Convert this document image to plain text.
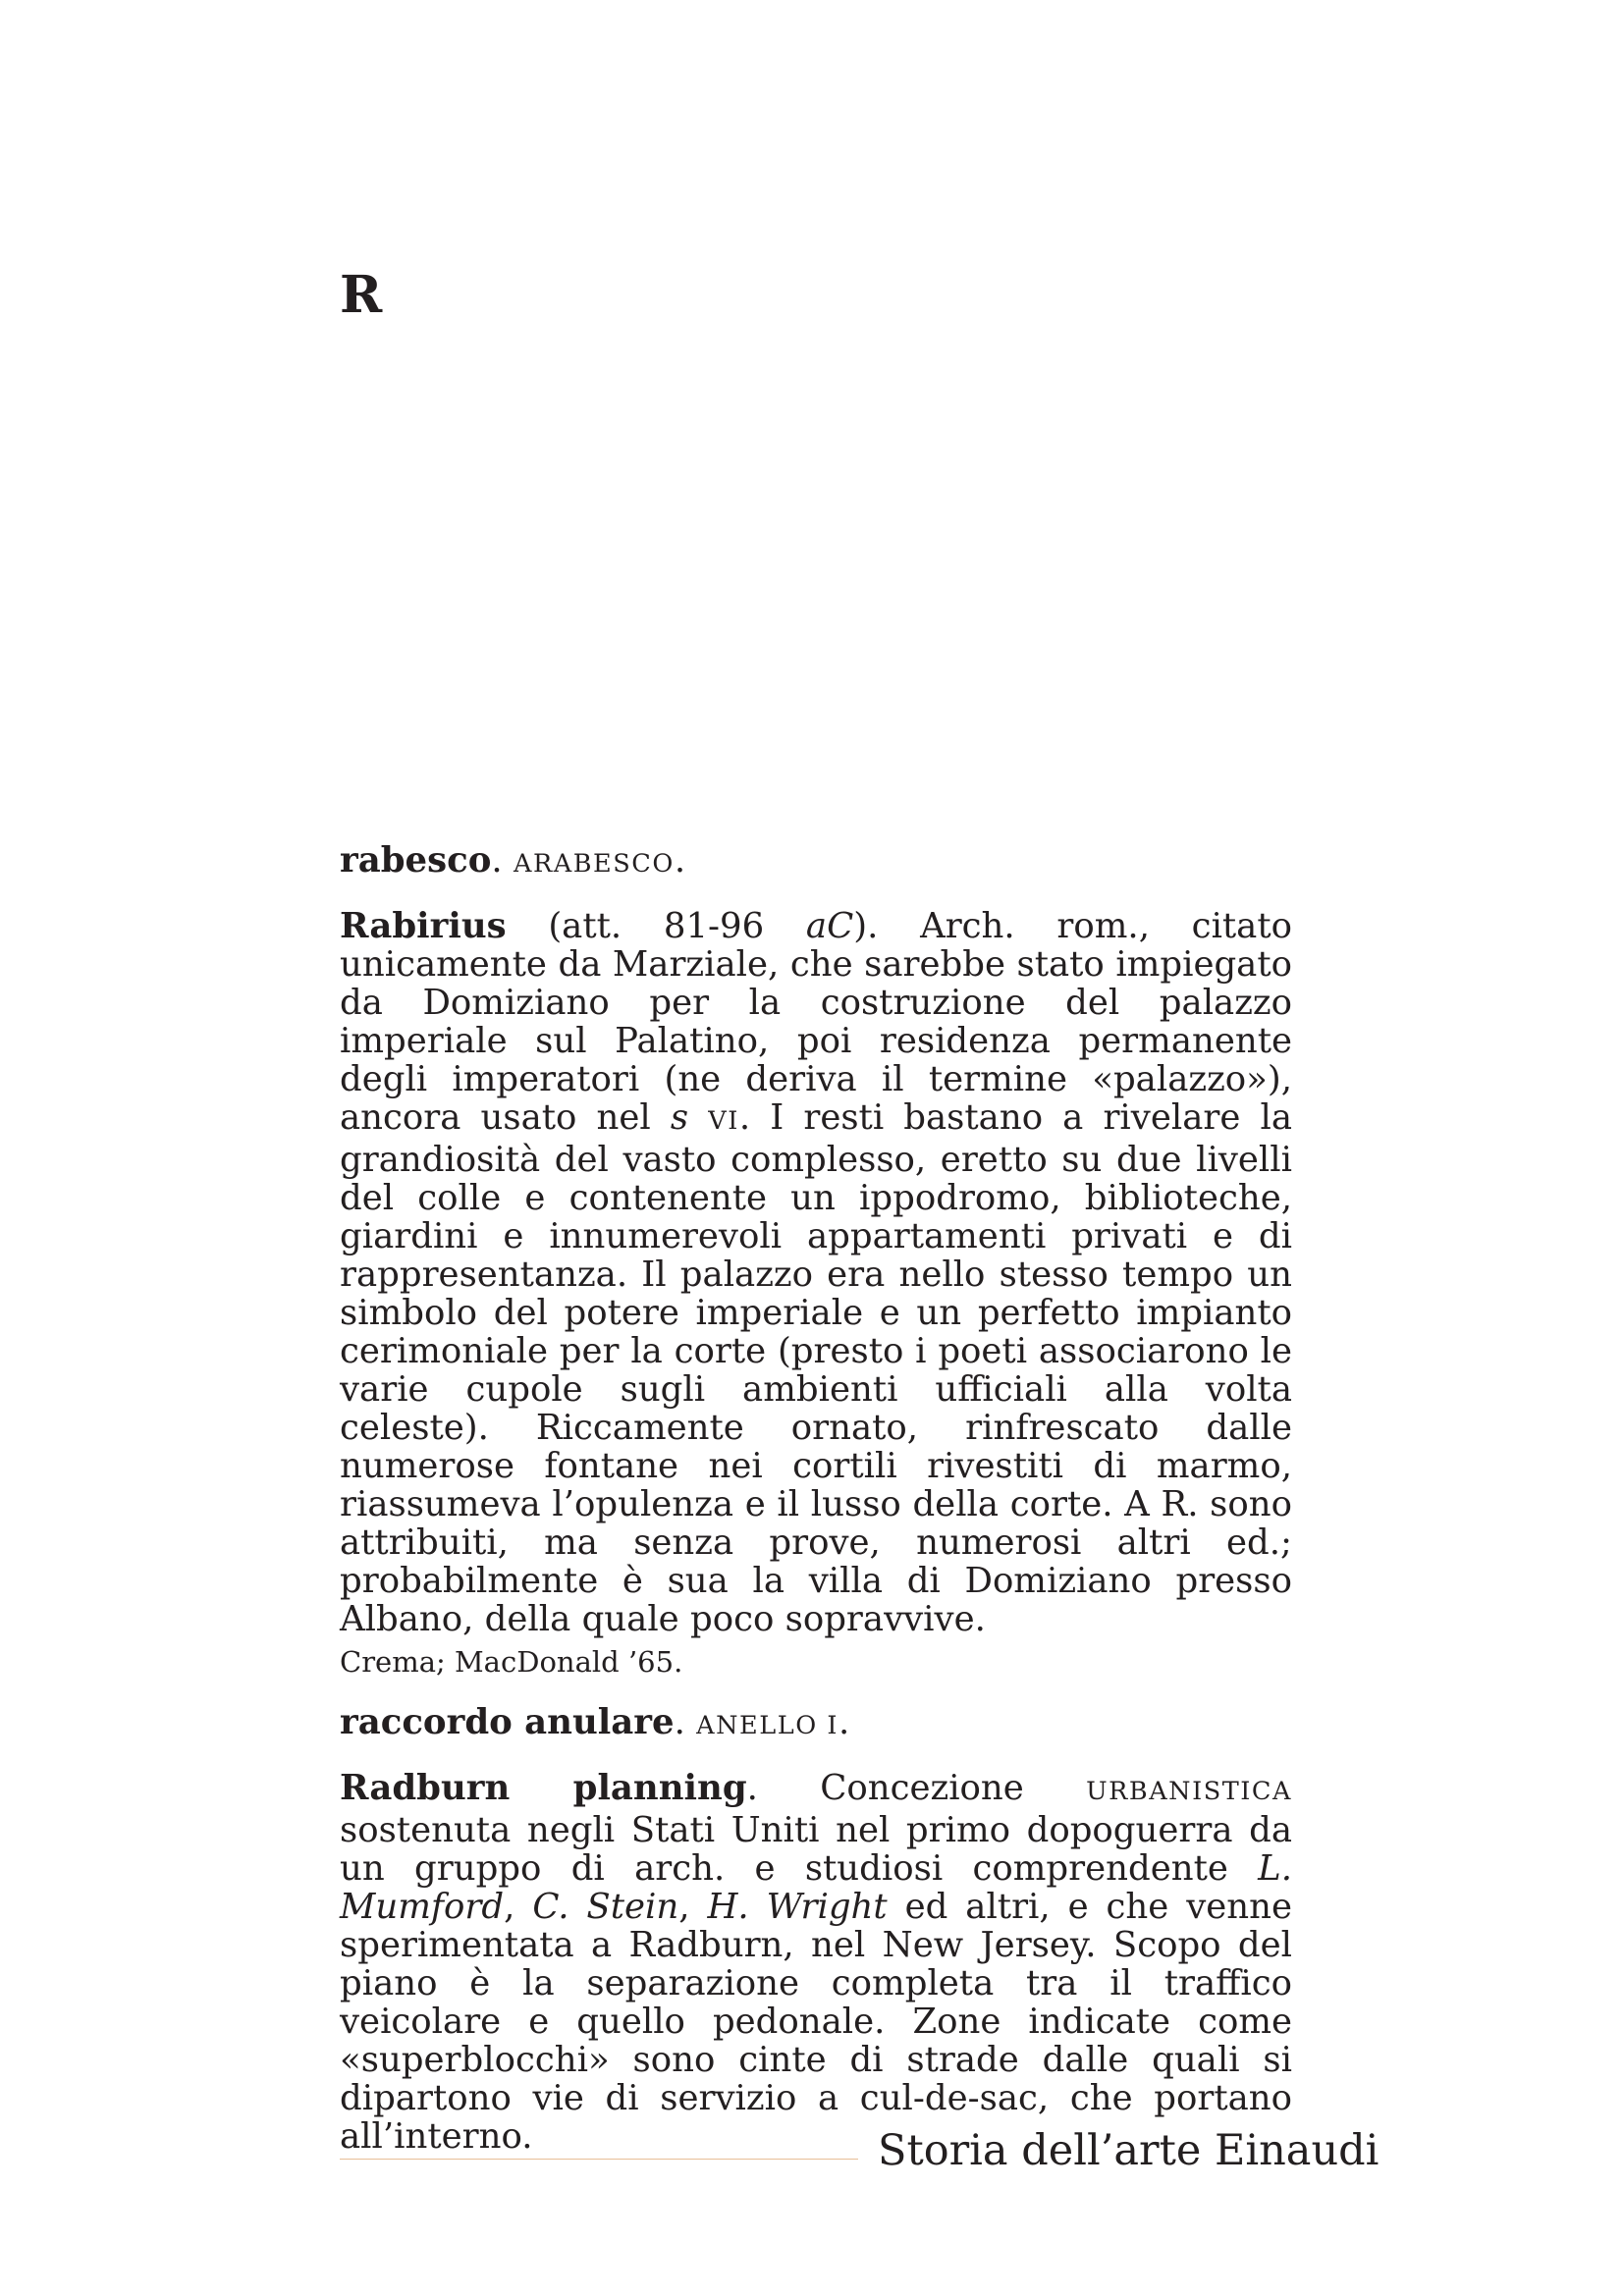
R

rabesco. ARABESCO.

Rabirius (att. 81-96 aC). Arch. rom., citato unicamente da Marziale, che sarebbe stato impiegato da Domiziano per la costruzione del palazzo imperiale sul Palatino, poi residenza permanente degli imperatori (ne deriva il termine «palazzo»), ancora usato nel s VI. I resti bastano a rivelare la grandiosità del vasto complesso, eretto su due livelli del colle e contenente un ippodromo, biblioteche, giardini e innumerevoli appartamenti privati e di rappresentanza. Il palazzo era nello stesso tempo un simbolo del potere imperiale e un perfetto impianto cerimoniale per la corte (presto i poeti associarono le varie cupole sugli ambienti ufficiali alla volta celeste). Riccamente ornato, rinfrescato dalle numerose fontane nei cortili rivestiti di marmo, riassumeva l’opulenza e il lusso della corte. A R. sono attribuiti, ma senza prove, numerosi altri ed.; probabilmente è sua la villa di Domiziano presso Albano, della quale poco sopravvive.

Crema; MacDonald ’65.

raccordo anulare. ANELLO I.

Radburn planning. Concezione URBANISTICA sostenuta negli Stati Uniti nel primo dopoguerra da un gruppo di arch. e studiosi comprendente L. Mumford, C. Stein, H. Wright ed altri, e che venne sperimentata a Radburn, nel New Jersey. Scopo del piano è la separazione completa tra il traffico veicolare e quello pedonale. Zone indicate come «superblocchi» sono cinte di strade dalle quali si dipartono vie di servizio a cul-de-sac, che portano all’interno.	Storia dell’arte Einaudi
